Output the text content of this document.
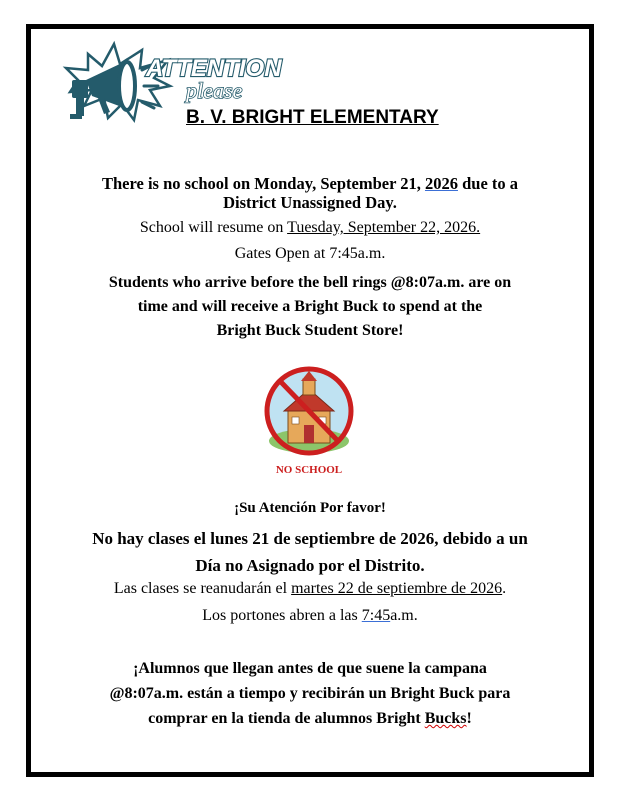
ATTENTION
please
B. V. BRIGHT ELEMENTARY
There is no school on Monday, September 21, 2026 due to a
District Unassigned Day.
School will resume on Tuesday, September 22, 2026.
Gates Open at 7:45a.m.
Students who arrive before the bell rings @8:07a.m. are on
time and will receive a Bright Buck to spend at the
Bright Buck Student Store!
NO SCHOOL
¡Su Atención Por favor!
No hay clases el lunes 21 de septiembre de 2026, debido a un
Día no Asignado por el Distrito.
Las clases se reanudarán el martes 22 de septiembre de 2026.
Los portones abren a las 7:45a.m.
¡Alumnos que llegan antes de que suene la campana
@8:07a.m. están a tiempo y recibirán un Bright Buck para
comprar en la tienda de alumnos Bright Bucks!
